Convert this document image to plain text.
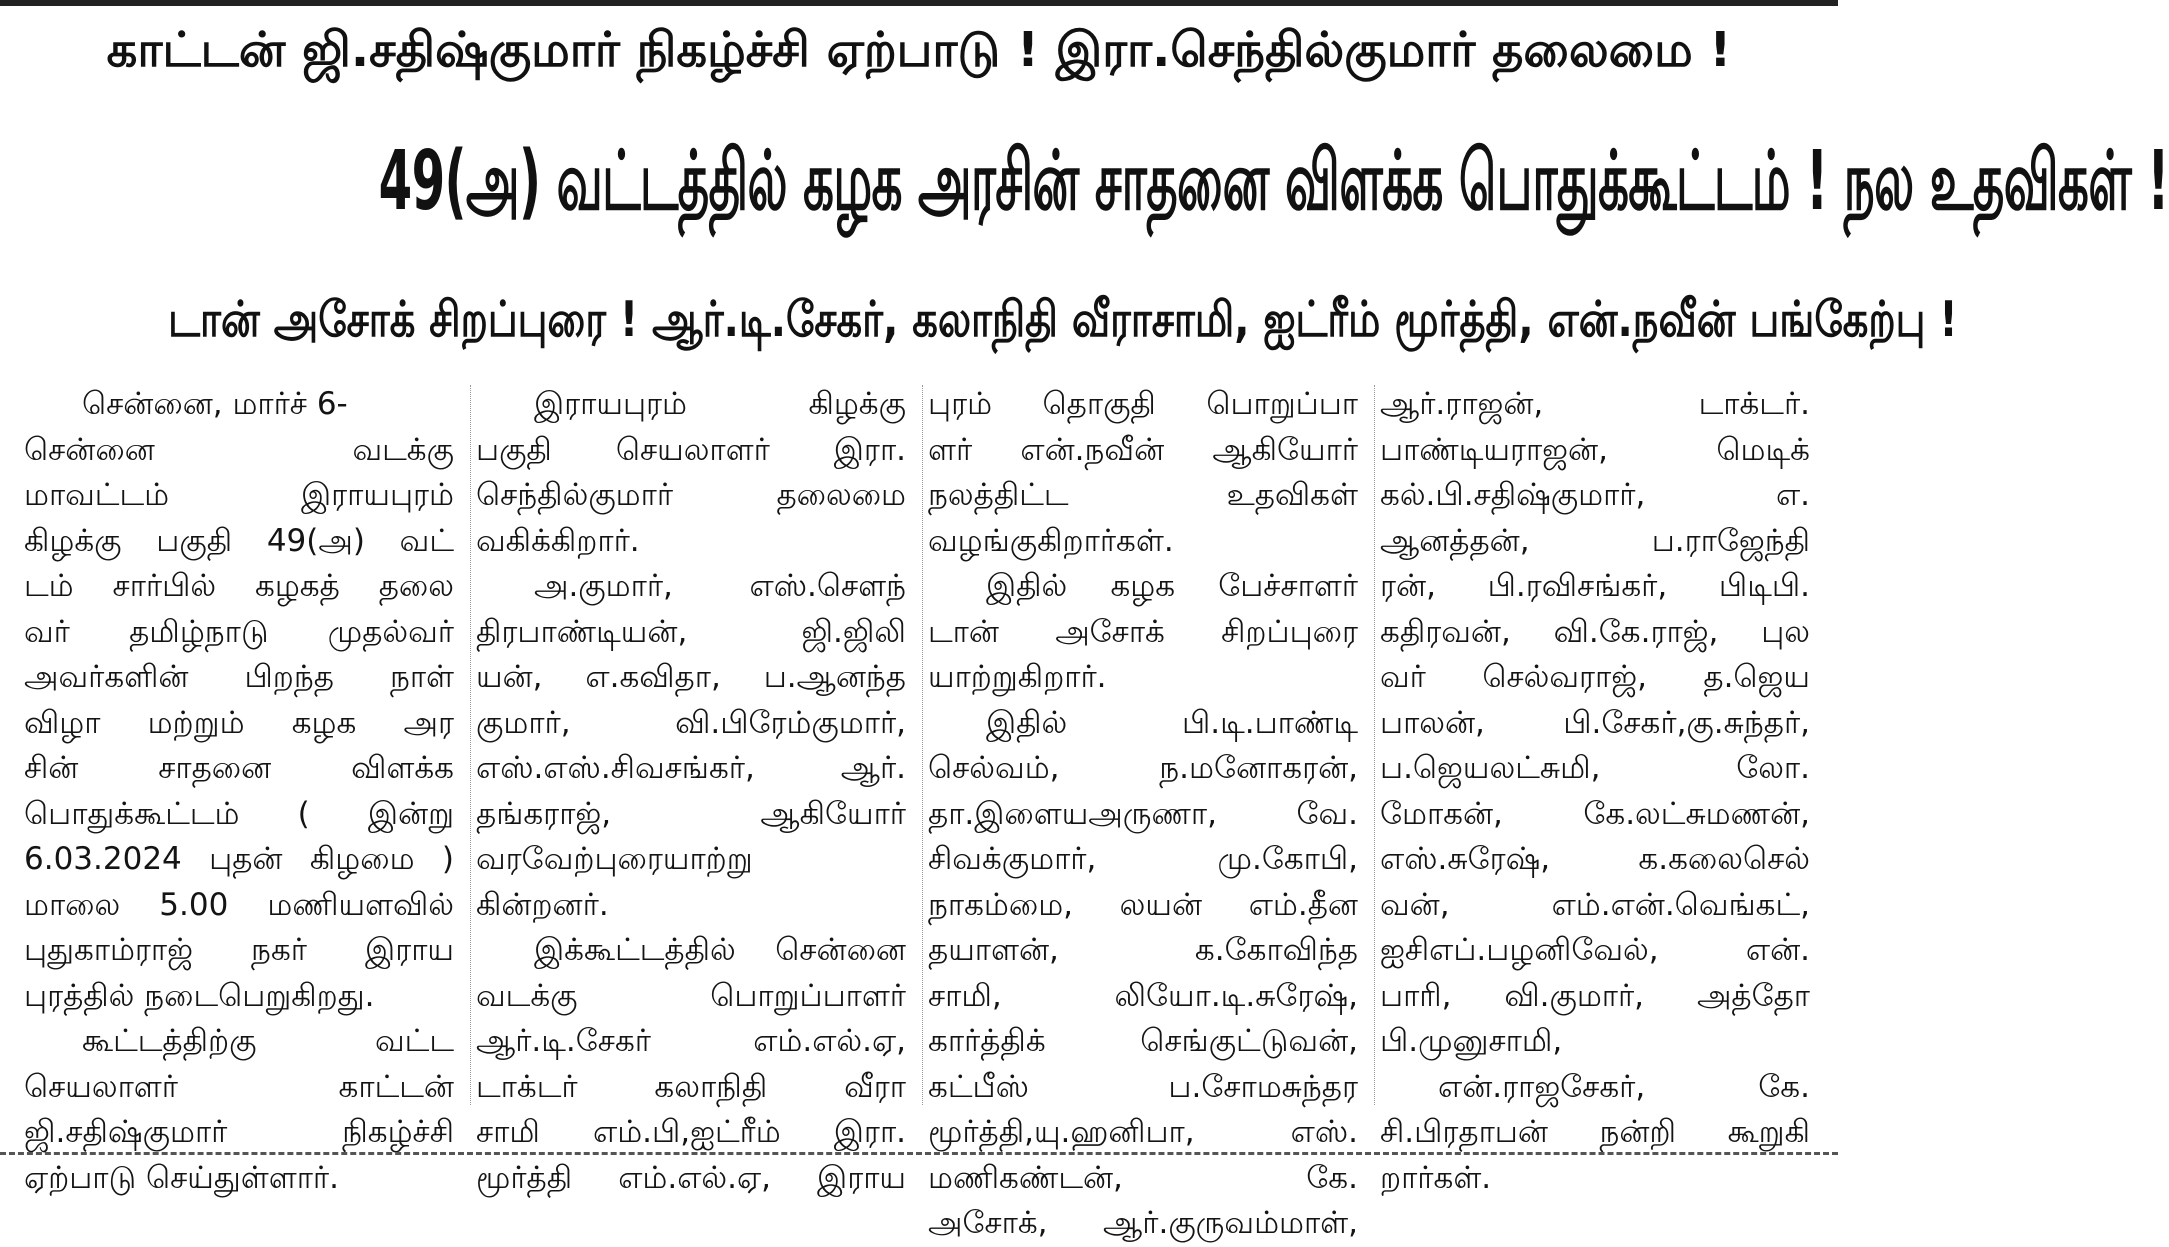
காட்டன் ஜி.சதிஷ்குமார் நிகழ்ச்சி ஏற்பாடு ! இரா.செந்தில்குமார் தலைமை !
49(அ) வட்டத்தில் கழக அரசின் சாதனை விளக்க பொதுக்கூட்டம் ! நல உதவிகள் !
டான் அசோக் சிறப்புரை ! ஆர்.டி.சேகர், கலாநிதி வீராசாமி, ஐட்ரீம் மூர்த்தி, என்.நவீன் பங்கேற்பு !
சென்னை, மார்ச் 6-
சென்னை வடக்கு
மாவட்டம் இராயபுரம்
கிழக்கு பகுதி 49(அ) வட்
டம் சார்பில் கழகத் தலை
வர் தமிழ்நாடு முதல்வர்
அவர்களின் பிறந்த நாள்
விழா மற்றும் கழக அர
சின் சாதனை விளக்க
பொதுக்கூட்டம் ( இன்று
6.03.2024 புதன் கிழமை )
மாலை 5.00 மணியளவில்
புதுகாம்ராஜ் நகர் இராய
புரத்தில் நடைபெறுகிறது.
கூட்டத்திற்கு வட்ட
செயலாளர் காட்டன்
ஜி.சதிஷ்குமார் நிகழ்ச்சி
ஏற்பாடு செய்துள்ளார்.
இராயபுரம் கிழக்கு
பகுதி செயலாளர் இரா.
செந்தில்குமார் தலைமை
வகிக்கிறார்.
அ.குமார், எஸ்.சௌந்
திரபாண்டியன், ஜி.ஜிலி
யன், எ.கவிதா, ப.ஆனந்த
குமார், வி.பிரேம்குமார்,
எஸ்.எஸ்.சிவசங்கர், ஆர்.
தங்கராஜ், ஆகியோர்
வரவேற்புரையாற்று
கின்றனர்.
இக்கூட்டத்தில் சென்னை
வடக்கு பொறுப்பாளர்
ஆர்.டி.சேகர் எம்.எல்.ஏ,
டாக்டர் கலாநிதி வீரா
சாமி எம்.பி,ஐட்ரீம் இரா.
மூர்த்தி எம்.எல்.ஏ, இராய
புரம் தொகுதி பொறுப்பா
ளர் என்.நவீன் ஆகியோர்
நலத்திட்ட உதவிகள்
வழங்குகிறார்கள்.
இதில் கழக பேச்சாளர்
டான் அசோக் சிறப்புரை
யாற்றுகிறார்.
இதில் பி.டி.பாண்டி
செல்வம், ந.மனோகரன்,
தா.இளையஅருணா, வே.
சிவக்குமார், மு.கோபி,
நாகம்மை, லயன் எம்.தீன
தயாளன், க.கோவிந்த
சாமி, லியோ.டி.சுரேஷ்,
கார்த்திக் செங்குட்டுவன்,
கட்பீஸ் ப.சோமசுந்தர
மூர்த்தி,யு.ஹனிபா, எஸ்.
மணிகண்டன், கே.
அசோக், ஆர்.குருவம்மாள்,
ஆர்.ராஜன், டாக்டர்.
பாண்டியராஜன், மெடிக்
கல்.பி.சதிஷ்குமார், எ.
ஆனத்தன், ப.ராஜேந்தி
ரன், பி.ரவிசங்கர், பிடிபி.
கதிரவன், வி.கே.ராஜ், புல
வர் செல்வராஜ், த.ஜெய
பாலன், பி.சேகர்,கு.சுந்தர்,
ப.ஜெயலட்சுமி, லோ.
மோகன், கே.லட்சுமணன்,
எஸ்.சுரேஷ், க.கலைசெல்
வன், எம்.என்.வெங்கட்,
ஐசிஎப்.பழனிவேல், என்.
பாரி, வி.குமார், அத்தோ
பி.முனுசாமி,
என்.ராஜசேகர், கே.
சி.பிரதாபன் நன்றி கூறுகி
றார்கள்.
